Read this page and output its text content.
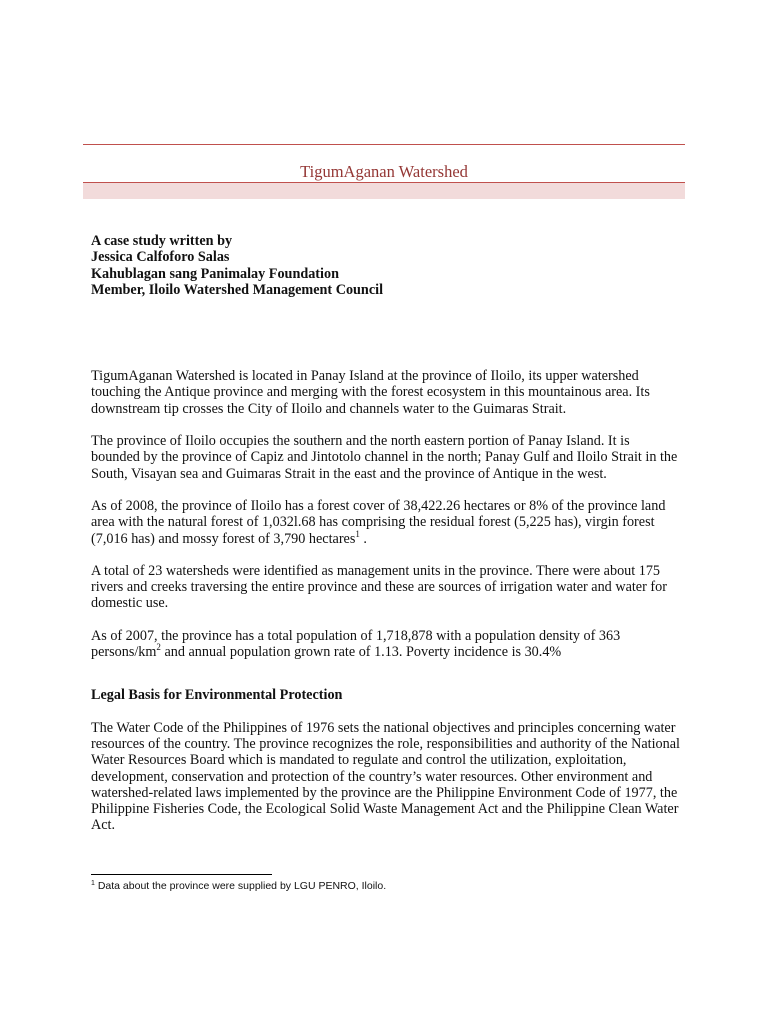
TigumAganan Watershed

A case study written by

Jessica Calfoforo Salas

Kahublagan sang Panimalay Foundation

Member, Iloilo Watershed Management Council

TigumAganan Watershed is located in Panay Island at the province of Iloilo, its upper watershed touching the Antique province and merging with the forest ecosystem in this mountainous area. Its downstream tip crosses the City of Iloilo and channels water to the Guimaras Strait.

The province of Iloilo occupies the southern and the north eastern portion of Panay Island. It is bounded by the province of Capiz and Jintotolo channel in the north; Panay Gulf and Iloilo Strait in the South, Visayan sea and Guimaras Strait in the east and the province of Antique in the west.

As of 2008, the province of Iloilo has a forest cover of 38,422.26 hectares or 8% of the province land area with the natural forest of 1,032l.68 has comprising the residual forest (5,225 has), virgin forest (7,016 has) and mossy forest of 3,790 hectares$^1$ .

A total of 23 watersheds were identified as management units in the province. There were about 175 rivers and creeks traversing the entire province and these are sources of irrigation water and water for domestic use.

As of 2007, the province has a total population of 1,718,878 with a population density of 363 persons/$km^2$ and annual population grown rate of 1.13. Poverty incidence is 30.4%

Legal Basis for Environmental Protection

The Water Code of the Philippines of 1976 sets the national objectives and principles concerning water resources of the country. The province recognizes the role, responsibilities and authority of the National Water Resources Board which is mandated to regulate and control the utilization, exploitation, development, conservation and protection of the country’s water resources. Other environment and watershed-related laws implemented by the province are the Philippine Environment Code of 1977, the Philippine Fisheries Code, the Ecological Solid Waste Management Act and the Philippine Clean Water Act.

$^1$ Data about the province were supplied by LGU PENRO, Iloilo.
